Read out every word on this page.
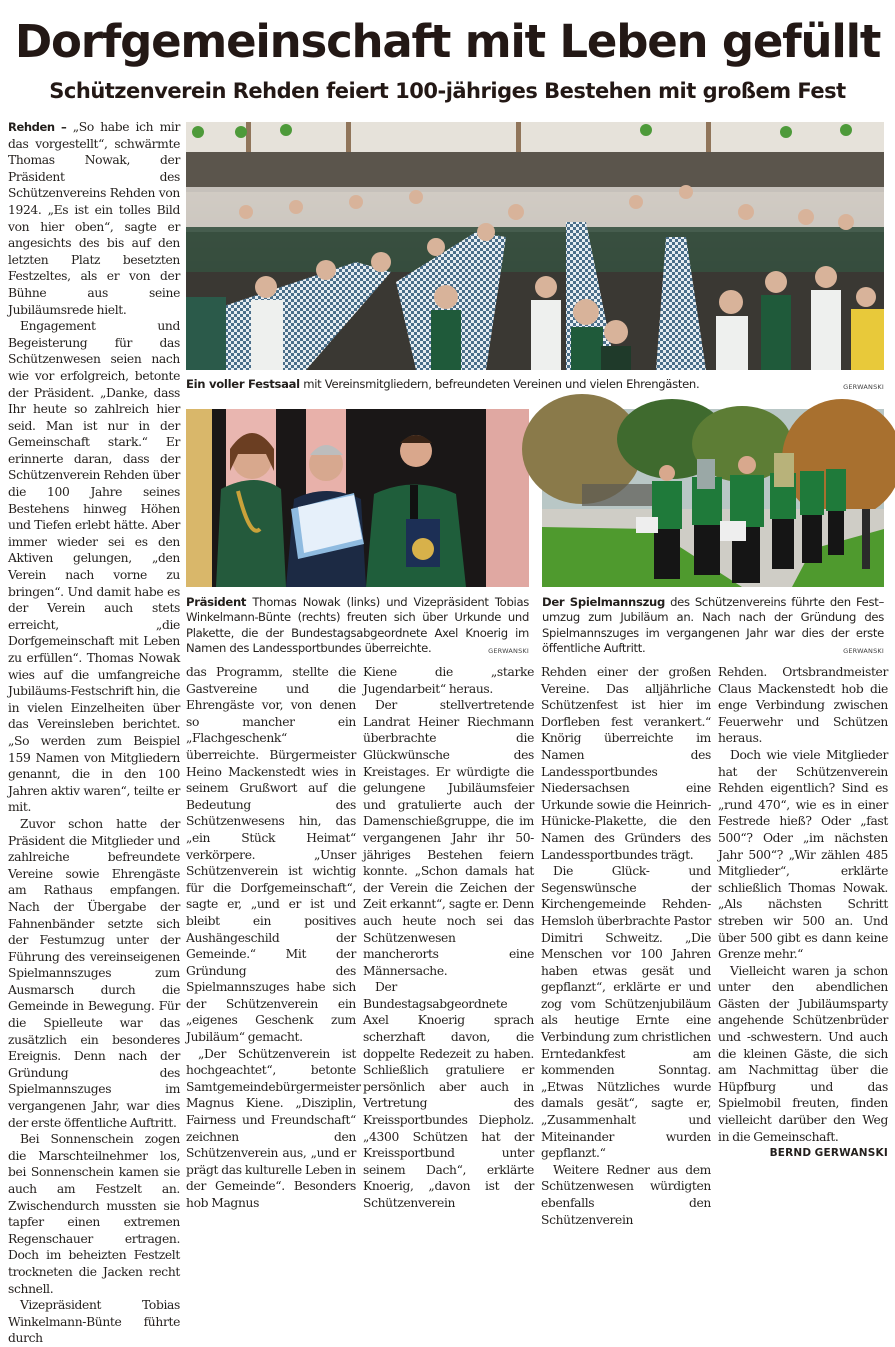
Dorfgemeinschaft mit Leben gefüllt
Schützenverein Rehden feiert 100-jähriges Bestehen mit großem Fest

Rehden – „So habe ich mir das vorgestellt“, schwärmte Thomas Nowak, der Präsident des Schützenvereins Rehden von 1924. „Es ist ein tolles Bild von hier oben“, sagte er angesichts des bis auf den letzten Platz besetzten Festzeltes, als er von der Bühne aus seine Jubiläumsrede hielt.

Engagement und Begeisterung für das Schützenwesen seien nach wie vor erfolgreich, betonte der Präsident. „Danke, dass Ihr heute so zahlreich hier seid. Man ist nur in der Gemeinschaft stark.“ Er erinnerte daran, dass der Schützenverein Rehden über die 100 Jahre seines Bestehens hinweg Höhen und Tiefen erlebt hätte. Aber immer wieder sei es den Aktiven gelungen, „den Verein nach vorne zu bringen“. Und damit habe es der Verein auch stets erreicht, „die Dorfgemeinschaft mit Leben zu erfüllen“. Thomas Nowak wies auf die umfangreiche Jubiläums-Festschrift hin, die in vielen Einzelheiten über das Vereinsleben berichtet. „So werden zum Beispiel 159 Namen von Mitgliedern genannt, die in den 100 Jahren aktiv waren“, teilte er mit.

Zuvor schon hatte der Präsident die Mitglieder und zahlreiche befreundete Vereine sowie Ehrengäste am Rathaus empfangen. Nach der Übergabe der Fahnenbänder setzte sich der Festumzug unter der Führung des vereinseigenen Spielmannszuges zum Ausmarsch durch die Gemeinde in Bewegung. Für die Spielleute war das zusätzlich ein besonderes Ereignis. Denn nach der Gründung des Spielmannszuges im vergangenen Jahr, war dies der erste öffentliche Auftritt.

Bei Sonnenschein zogen die Marschteilnehmer los, bei Sonnenschein kamen sie auch am Festzelt an. Zwischendurch mussten sie tapfer einen extremen Regenschauer ertragen. Doch im beheizten Festzelt trockneten die Jacken recht schnell.

Vizepräsident Tobias Winkelmann-Bünte führte durch

das Programm, stellte die Gastvereine und die Ehrengäste vor, von denen so mancher ein „Flachgeschenk“ überreichte. Bürgermeister Heino Mackenstedt wies in seinem Grußwort auf die Bedeutung des Schützenwesens hin, das „ein Stück Heimat“ verkörpere. „Unser Schützenverein ist wichtig für die Dorfgemeinschaft“, sagte er, „und er ist und bleibt ein positives Aushängeschild der Gemeinde.“ Mit der Gründung des Spielmannszuges habe sich der Schützenverein ein „eigenes Geschenk zum Jubiläum“ gemacht.

„Der Schützenverein ist hochgeachtet“, betonte Samtgemeindebürgermeister Magnus Kiene. „Disziplin, Fairness und Freundschaft“ zeichnen den Schützenverein aus, „und er prägt das kulturelle Leben in der Gemeinde“. Besonders hob Magnus

Kiene die „starke Jugendarbeit“ heraus.

Der stellvertretende Landrat Heiner Riechmann überbrachte die Glückwünsche des Kreistages. Er würdigte die gelungene Jubiläumsfeier und gratulierte auch der Damenschießgruppe, die im vergangenen Jahr ihr 50-jähriges Bestehen feiern konnte. „Schon damals hat der Verein die Zeichen der Zeit erkannt“, sagte er. Denn auch heute noch sei das Schützenwesen mancherorts eine Männersache.

Der Bundestagsabgeordnete Axel Knoerig sprach scherzhaft davon, die doppelte Redezeit zu haben. Schließlich gratuliere er persönlich aber auch in Vertretung des Kreissportbundes Diepholz. „4300 Schützen hat der Kreissportbund unter seinem Dach“, erklärte Knoerig, „davon ist der Schützenverein

Rehden einer der großen Vereine. Das alljährliche Schützenfest ist hier im Dorfleben fest verankert.“ Knörig überreichte im Namen des Landessportbundes Niedersachsen eine Urkunde sowie die Heinrich-Hünicke-Plakette, die den Namen des Gründers des Landessportbundes trägt.

Die Glück- und Segenswünsche der Kirchengemeinde Rehden-Hemsloh überbrachte Pastor Dimitri Schweitz. „Die Menschen vor 100 Jahren haben etwas gesät und gepflanzt“, erklärte er und zog vom Schützenjubiläum als heutige Ernte eine Verbindung zum christlichen Erntedankfest am kommenden Sonntag. „Etwas Nützliches wurde damals gesät“, sagte er, „Zusammenhalt und Miteinander wurden gepflanzt.“

Weitere Redner aus dem Schützenwesen würdigten ebenfalls den Schützenverein

Rehden. Ortsbrandmeister Claus Mackenstedt hob die enge Verbindung zwischen Feuerwehr und Schützen heraus.

Doch wie viele Mitglieder hat der Schützenverein Rehden eigentlich? Sind es „rund 470“, wie es in einer Festrede hieß? Oder „fast 500“? Oder „im nächsten Jahr 500“? „Wir zählen 485 Mitglieder“, erklärte schließlich Thomas Nowak. „Als nächsten Schritt streben wir 500 an. Und über 500 gibt es dann keine Grenze mehr.“

Vielleicht waren ja schon unter den abendlichen Gästen der Jubiläumsparty angehende Schützenbrüder und -schwestern. Und auch die kleinen Gäste, die sich am Nachmittag über die Hüpfburg und das Spielmobil freuten, finden vielleicht darüber den Weg in die Gemeinschaft.
BERND GERWANSKI

Ein voller Festsaal mit Vereinsmitgliedern, befreundeten Vereinen und vielen Ehrengästen.	GERWANSKI
Präsident Thomas Nowak (links) und Vizepräsident Tobias Winkelmann-Bünte (rechts) freuten sich über Urkunde und Plakette, die der Bundestagsabgeordnete Axel Knoerig im Namen des Landessportbundes überreichte.	GERWANSKI
Der Spielmannszug des Schützenvereins führte den Fest–umzug zum Jubiläum an. Nach nach der Gründung des Spielmannszuges im vergangenen Jahr war dies der erste öffentliche Auftritt.	GERWANSKI
